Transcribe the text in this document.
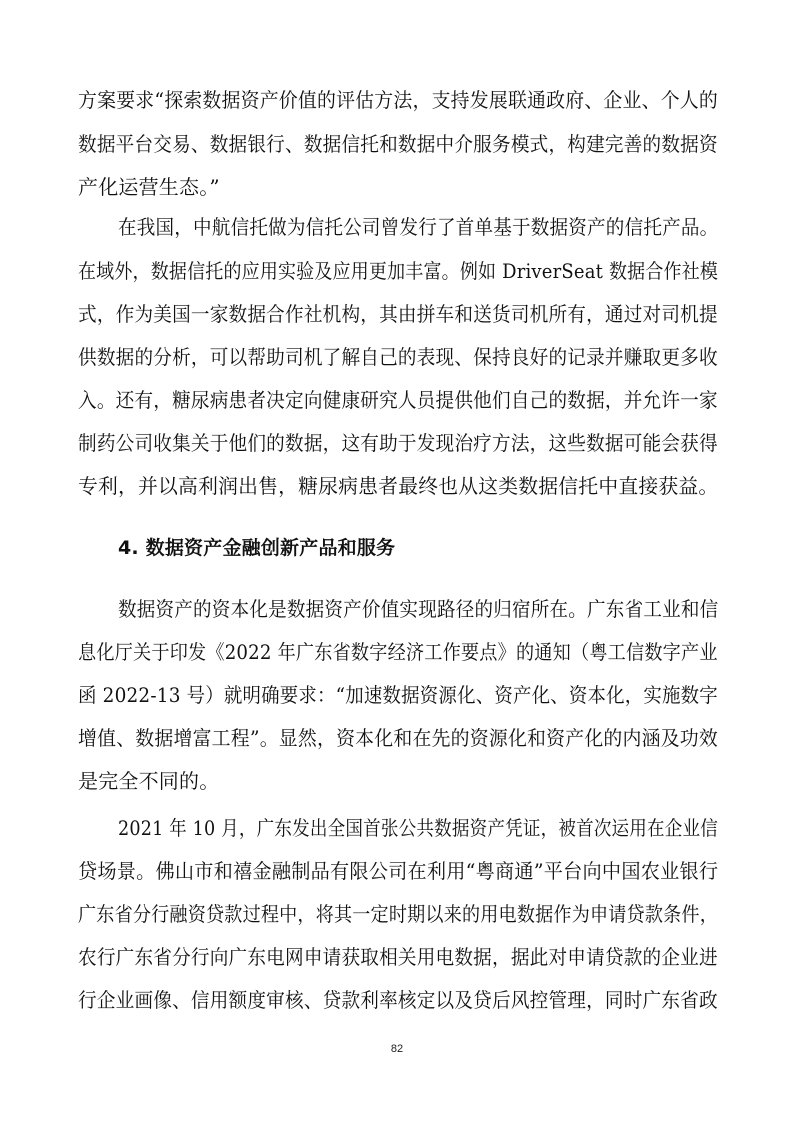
方案要求“探索数据资产价值的评估方法，支持发展联通政府、企业、个人的

数据平台交易、数据银行、数据信托和数据中介服务模式，构建完善的数据资

产化运营生态。”

在我国，中航信托做为信托公司曾发行了首单基于数据资产的信托产品。

在域外，数据信托的应用实验及应用更加丰富。例如 DriverSeat 数据合作社模

式，作为美国一家数据合作社机构，其由拼车和送货司机所有，通过对司机提

供数据的分析，可以帮助司机了解自己的表现、保持良好的记录并赚取更多收

入。还有，糖尿病患者决定向健康研究人员提供他们自己的数据，并允许一家

制药公司收集关于他们的数据，这有助于发现治疗方法，这些数据可能会获得

专利，并以高利润出售，糖尿病患者最终也从这类数据信托中直接获益。

4. 数据资产金融创新产品和服务

数据资产的资本化是数据资产价值实现路径的归宿所在。广东省工业和信

息化厅关于印发《2022 年广东省数字经济工作要点》的通知（粤工信数字产业

函 2022-13 号）就明确要求：“加速数据资源化、资产化、资本化，实施数字

增值、数据增富工程”。显然，资本化和在先的资源化和资产化的内涵及功效

是完全不同的。

2021 年 10 月，广东发出全国首张公共数据资产凭证，被首次运用在企业信

贷场景。佛山市和禧金融制品有限公司在利用“粤商通”平台向中国农业银行

广东省分行融资贷款过程中，将其一定时期以来的用电数据作为申请贷款条件，

农行广东省分行向广东电网申请获取相关用电数据，据此对申请贷款的企业进

行企业画像、信用额度审核、贷款利率核定以及贷后风控管理，同时广东省政

82
